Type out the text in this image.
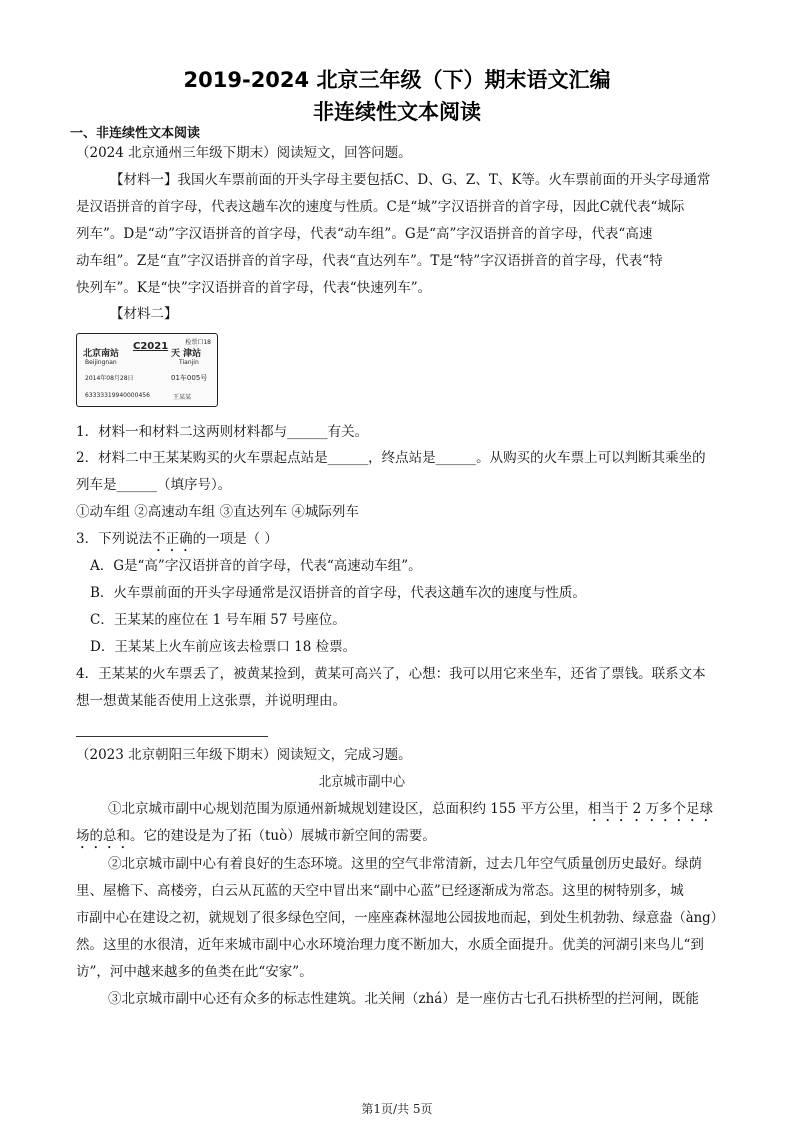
2019-2024 北京三年级（下）期末语文汇编
非连续性文本阅读
一、非连续性文本阅读
（2024 北京通州三年级下期末）阅读短文，回答问题。
【材料一】我国火车票前面的开头字母主要包括C、D、G、Z、T、K等。火车票前面的开头字母通常
是汉语拼音的首字母，代表这趟车次的速度与性质。C是“城”字汉语拼音的首字母，因此C就代表“城际
列车”。D是“动”字汉语拼音的首字母，代表“动车组”。G是“高”字汉语拼音的首字母，代表“高速
动车组”。Z是“直”字汉语拼音的首字母，代表“直达列车”。T是“特”字汉语拼音的首字母，代表“特
快列车”。K是“快”字汉语拼音的首字母，代表“快速列车”。
【材料二】
检票口18
北京南站
C2021
天 津站
Beijingnan	Tianjin
2014年08月28日	01车005号
63333319940000456	王某某
1．材料一和材料二这两则材料都与______有关。
2．材料二中王某某购买的火车票起点站是______，终点站是______。从购买的火车票上可以判断其乘坐的
列车是______（填序号）。
①动车组 ②高速动车组 ③直达列车 ④城际列车
3．下列说法不正确的一项是（ ）
A．G是“高”字汉语拼音的首字母，代表“高速动车组”。
B．火车票前面的开头字母通常是汉语拼音的首字母，代表这趟车次的速度与性质。
C．王某某的座位在 1 号车厢 57 号座位。
D．王某某上火车前应该去检票口 18 检票。
4．王某某的火车票丢了，被黄某捡到，黄某可高兴了，心想：我可以用它来坐车，还省了票钱。联系文本
想一想黄某能否使用上这张票，并说明理由。
（2023 北京朝阳三年级下期末）阅读短文，完成习题。
北京城市副中心
①北京城市副中心规划范围为原通州新城规划建设区，总面积约 155 平方公里，相当于 2 万多个足球
场的总和。它的建设是为了拓（tuò）展城市新空间的需要。
②北京城市副中心有着良好的生态环境。这里的空气非常清新，过去几年空气质量创历史最好。绿荫
里、屋檐下、高楼旁，白云从瓦蓝的天空中冒出来“副中心蓝”已经逐渐成为常态。这里的树特别多，城
市副中心在建设之初，就规划了很多绿色空间，一座座森林湿地公园拔地而起，到处生机勃勃、绿意盎（àng）
然。这里的水很清，近年来城市副中心水环境治理力度不断加大，水质全面提升。优美的河湖引来鸟儿“到
访”，河中越来越多的鱼类在此“安家”。
③北京城市副中心还有众多的标志性建筑。北关闸（zhá）是一座仿古七孔石拱桥型的拦河闸，既能
第1页/共 5页
